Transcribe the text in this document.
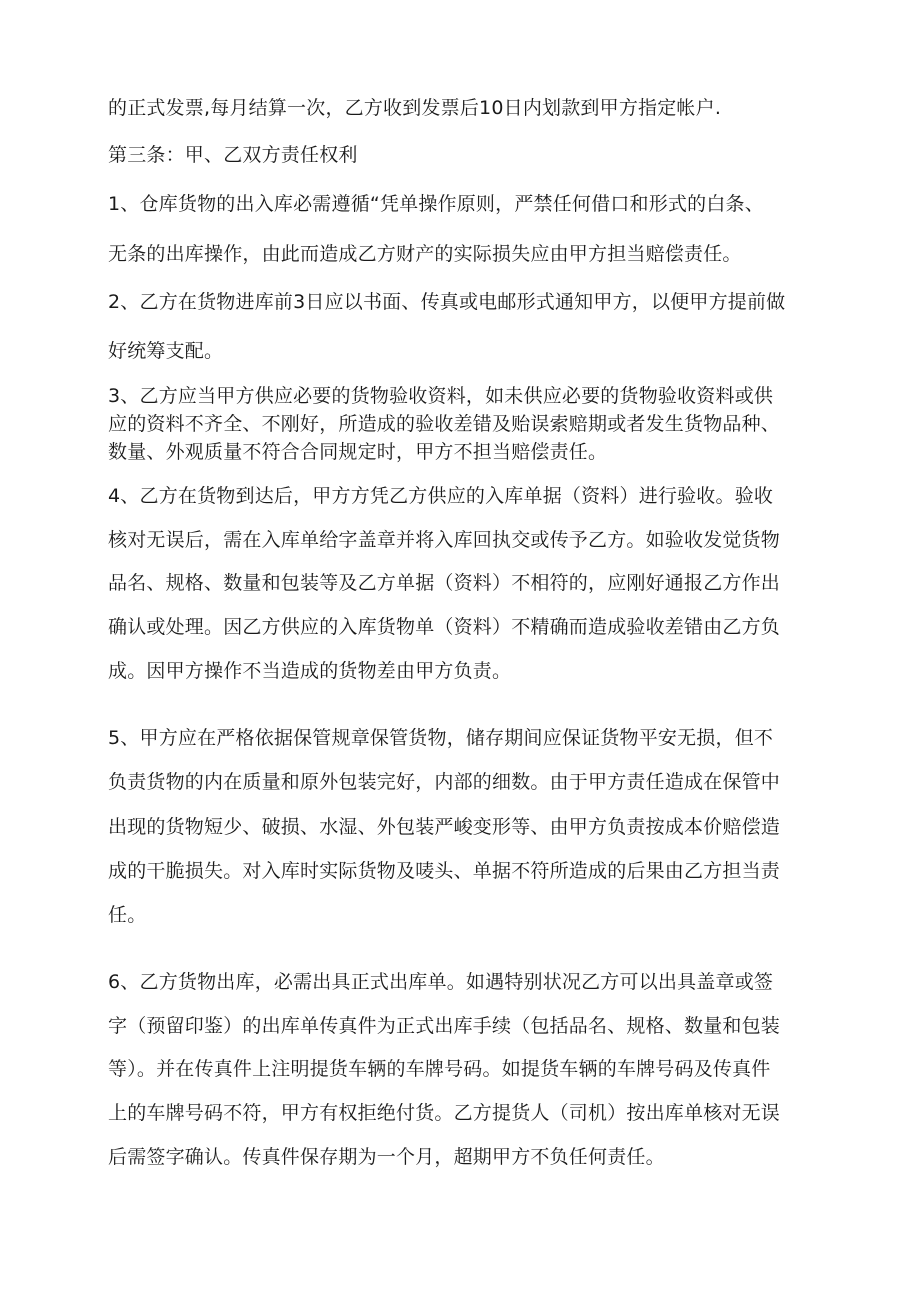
的正式发票,每月结算一次，乙方收到发票后10日内划款到甲方指定帐户.

第三条：甲、乙双方责任权利

1、仓库货物的出入库必需遵循“凭单操作原则，严禁任何借口和形式的白条、

无条的出库操作，由此而造成乙方财产的实际损失应由甲方担当赔偿责任。

2、乙方在货物进库前3日应以书面、传真或电邮形式通知甲方，以便甲方提前做

好统筹支配。

3、乙方应当甲方供应必要的货物验收资料，如未供应必要的货物验收资料或供

应的资料不齐全、不刚好，所造成的验收差错及贻误索赔期或者发生货物品种、

数量、外观质量不符合合同规定时，甲方不担当赔偿责任。

4、乙方在货物到达后，甲方方凭乙方供应的入库单据（资料）进行验收。验收

核对无误后，需在入库单给字盖章并将入库回执交或传予乙方。如验收发觉货物

品名、规格、数量和包装等及乙方单据（资料）不相符的，应刚好通报乙方作出

确认或处理。因乙方供应的入库货物单（资料）不精确而造成验收差错由乙方负

成。因甲方操作不当造成的货物差由甲方负责。

5、甲方应在严格依据保管规章保管货物，储存期间应保证货物平安无损，但不

负责货物的内在质量和原外包装完好，内部的细数。由于甲方责任造成在保管中

出现的货物短少、破损、水湿、外包装严峻变形等、由甲方负责按成本价赔偿造

成的干脆损失。对入库时实际货物及唛头、单据不符所造成的后果由乙方担当责

任。

6、乙方货物出库，必需出具正式出库单。如遇特别状况乙方可以出具盖章或签

字（预留印鉴）的出库单传真件为正式出库手续（包括品名、规格、数量和包装

等）。并在传真件上注明提货车辆的车牌号码。如提货车辆的车牌号码及传真件

上的车牌号码不符，甲方有权拒绝付货。乙方提货人（司机）按出库单核对无误

后需签字确认。传真件保存期为一个月，超期甲方不负任何责任。
